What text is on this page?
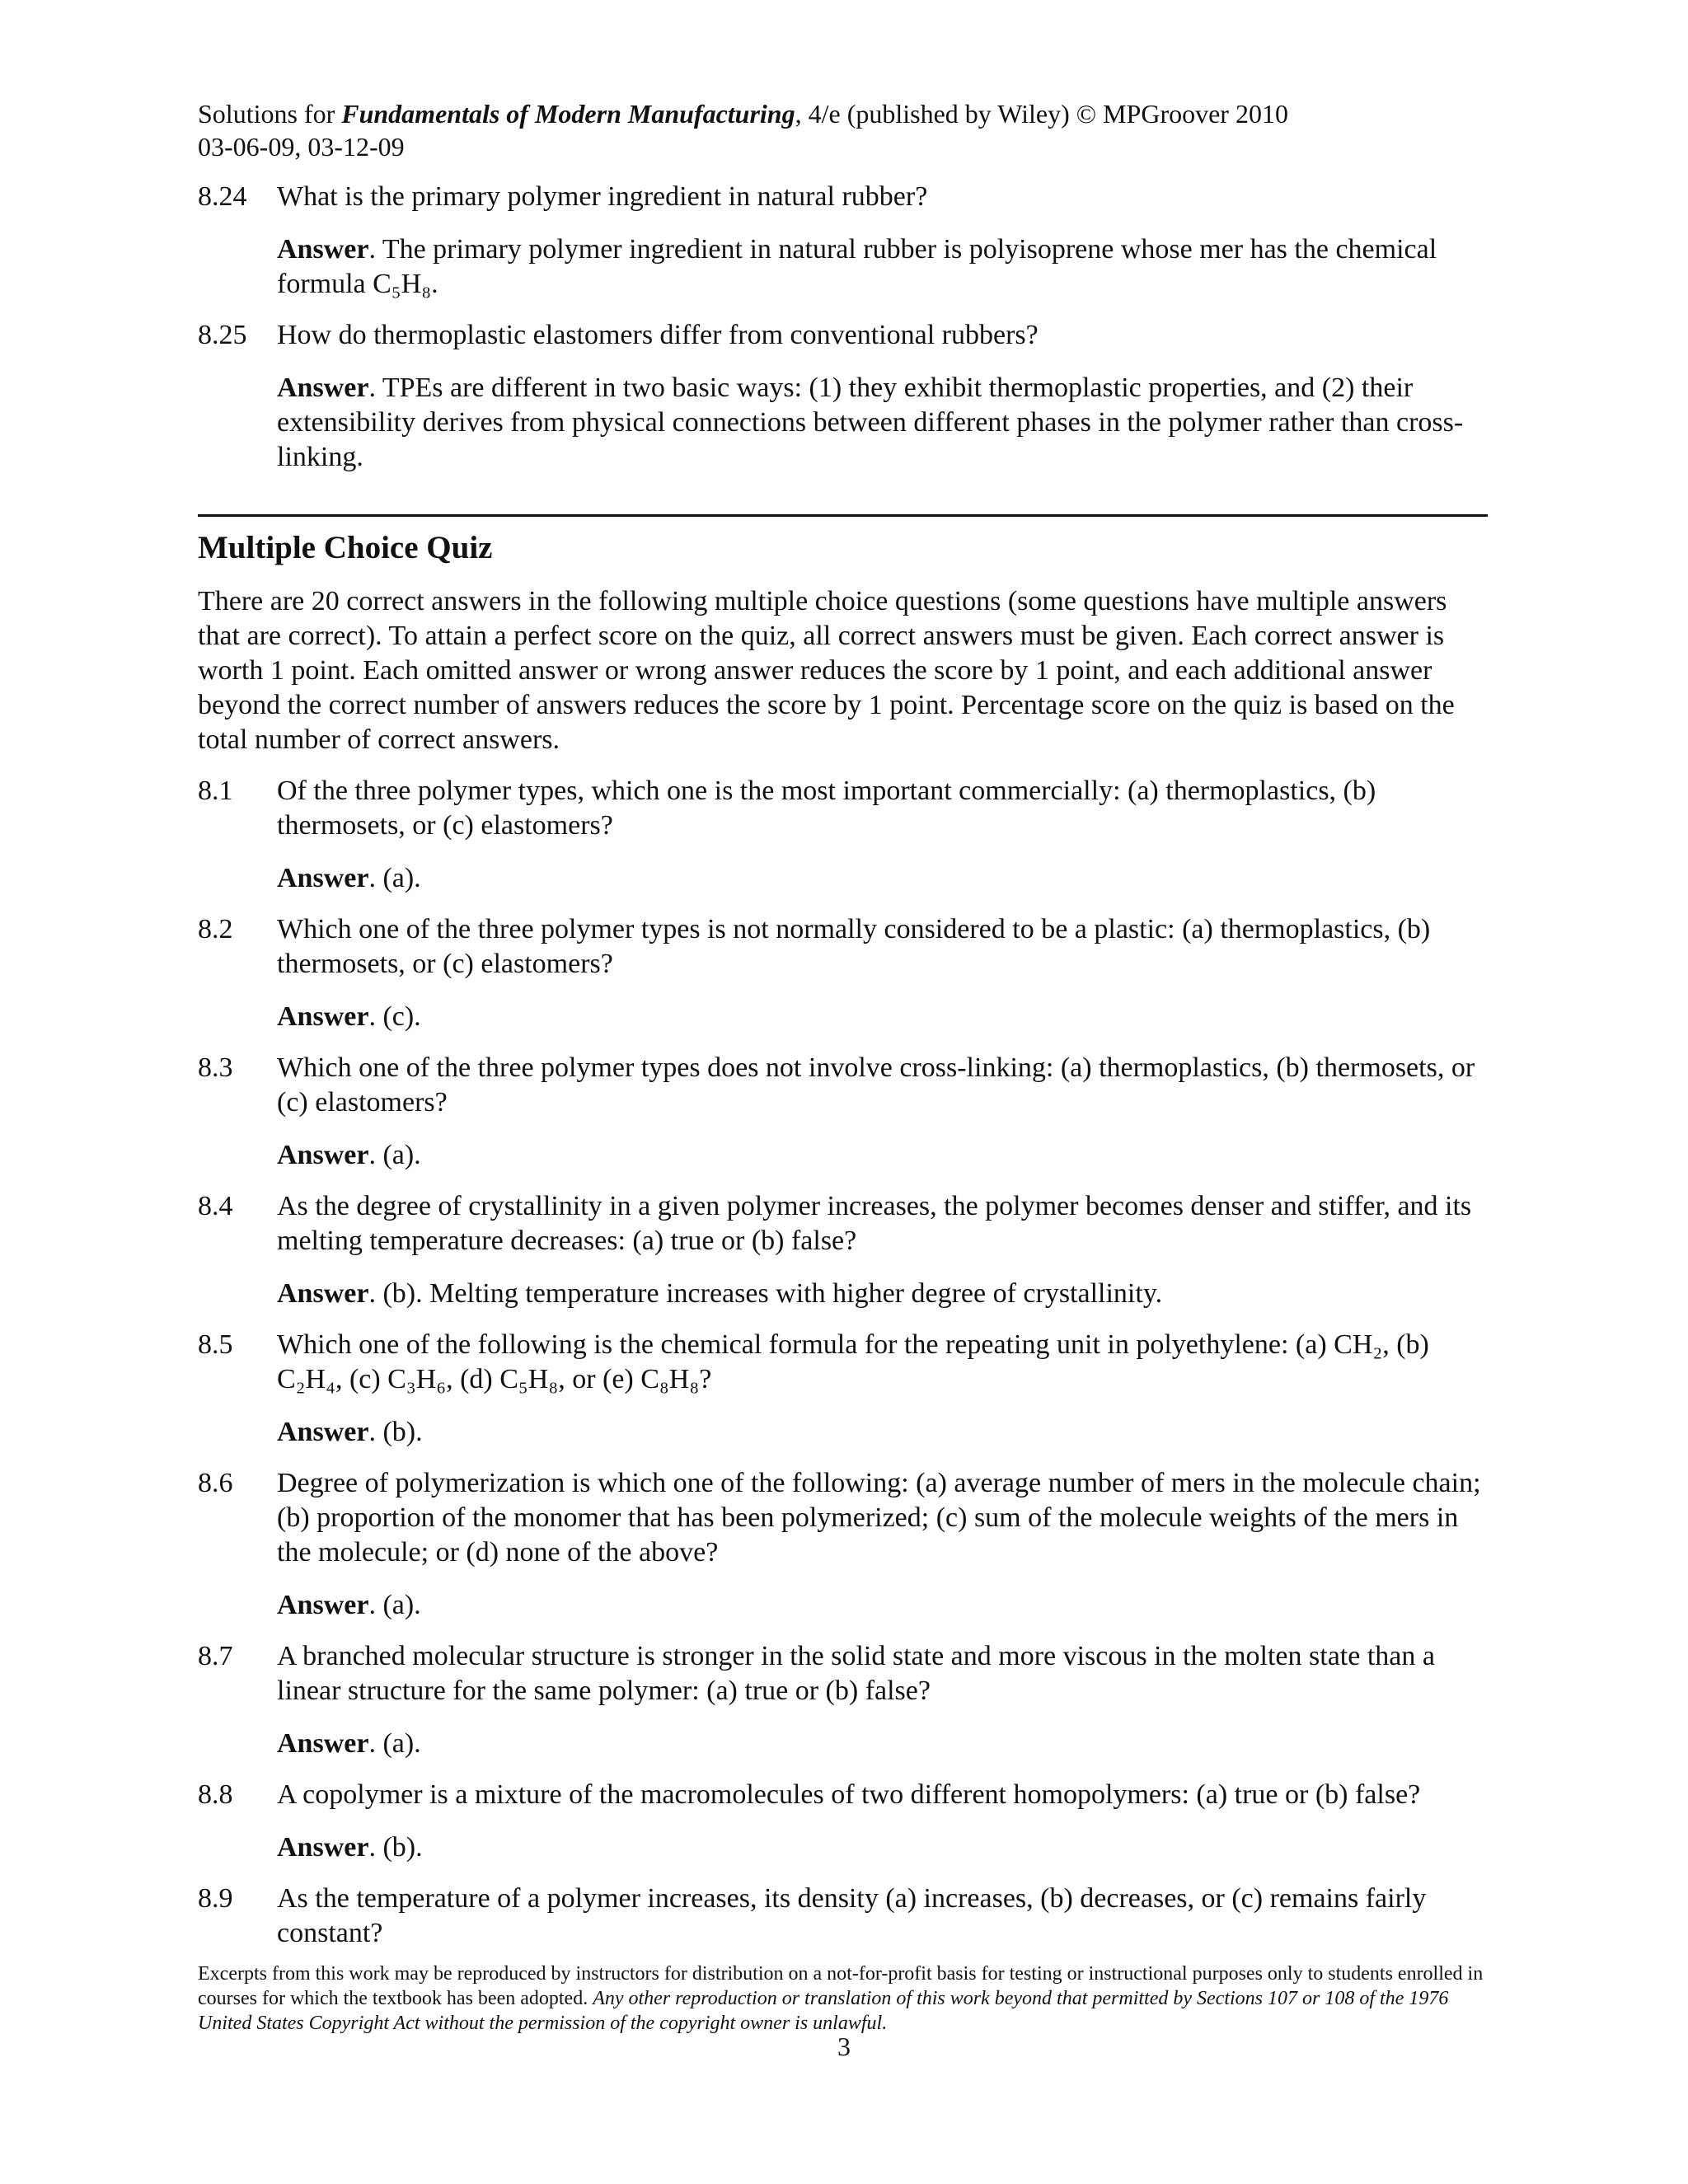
Solutions for Fundamentals of Modern Manufacturing, 4/e (published by Wiley) © MPGroover 2010
03-06-09, 03-12-09
8.24	What is the primary polymer ingredient in natural rubber?
Answer. The primary polymer ingredient in natural rubber is polyisoprene whose mer has the chemical formula C₅H₈.
8.25	How do thermoplastic elastomers differ from conventional rubbers?
Answer. TPEs are different in two basic ways: (1) they exhibit thermoplastic properties, and (2) their extensibility derives from physical connections between different phases in the polymer rather than cross-linking.
Multiple Choice Quiz
There are 20 correct answers in the following multiple choice questions (some questions have multiple answers that are correct). To attain a perfect score on the quiz, all correct answers must be given. Each correct answer is worth 1 point. Each omitted answer or wrong answer reduces the score by 1 point, and each additional answer beyond the correct number of answers reduces the score by 1 point. Percentage score on the quiz is based on the total number of correct answers.
8.1	Of the three polymer types, which one is the most important commercially: (a) thermoplastics, (b) thermosets, or (c) elastomers?
Answer. (a).
8.2	Which one of the three polymer types is not normally considered to be a plastic: (a) thermoplastics, (b) thermosets, or (c) elastomers?
Answer. (c).
8.3	Which one of the three polymer types does not involve cross-linking: (a) thermoplastics, (b) thermosets, or (c) elastomers?
Answer. (a).
8.4	As the degree of crystallinity in a given polymer increases, the polymer becomes denser and stiffer, and its melting temperature decreases: (a) true or (b) false?
Answer. (b). Melting temperature increases with higher degree of crystallinity.
8.5	Which one of the following is the chemical formula for the repeating unit in polyethylene: (a) CH₂, (b) C₂H₄, (c) C₃H₆, (d) C₅H₈, or (e) C₈H₈?
Answer. (b).
8.6	Degree of polymerization is which one of the following: (a) average number of mers in the molecule chain; (b) proportion of the monomer that has been polymerized; (c) sum of the molecule weights of the mers in the molecule; or (d) none of the above?
Answer. (a).
8.7	A branched molecular structure is stronger in the solid state and more viscous in the molten state than a linear structure for the same polymer: (a) true or (b) false?
Answer. (a).
8.8	A copolymer is a mixture of the macromolecules of two different homopolymers: (a) true or (b) false?
Answer. (b).
8.9	As the temperature of a polymer increases, its density (a) increases, (b) decreases, or (c) remains fairly constant?
Excerpts from this work may be reproduced by instructors for distribution on a not-for-profit basis for testing or instructional purposes only to students enrolled in courses for which the textbook has been adopted. Any other reproduction or translation of this work beyond that permitted by Sections 107 or 108 of the 1976 United States Copyright Act without the permission of the copyright owner is unlawful.
3
